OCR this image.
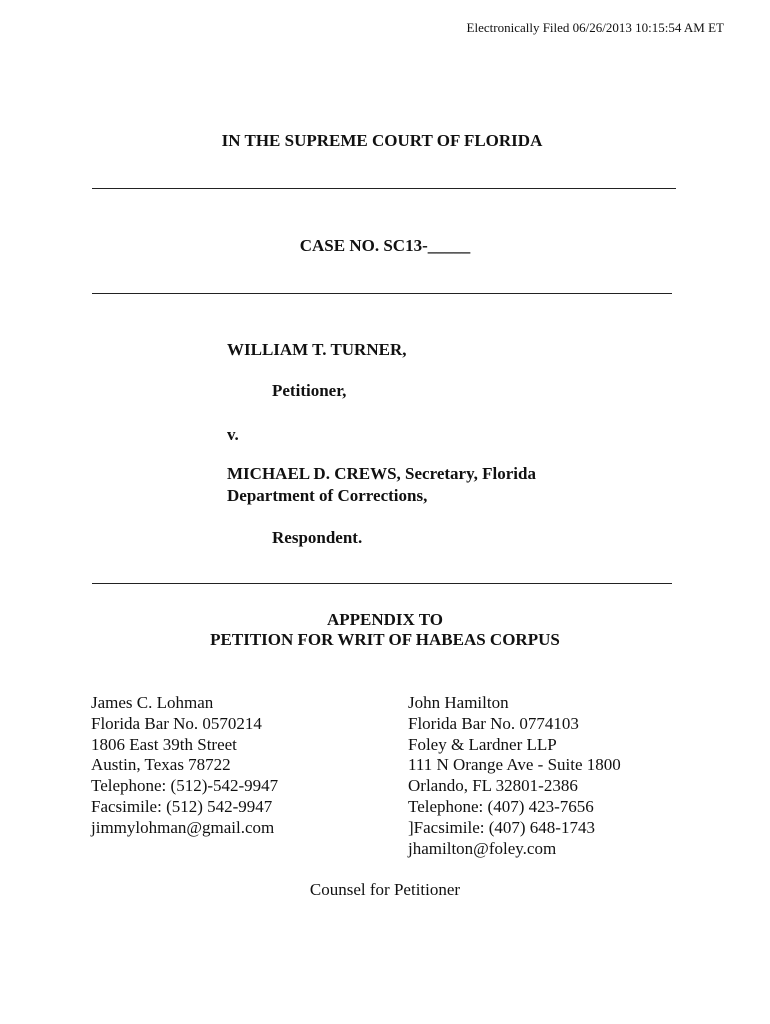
Electronically Filed 06/26/2013 10:15:54 AM ET
IN THE SUPREME COURT OF FLORIDA
CASE NO. SC13-_____
WILLIAM T. TURNER,
Petitioner,
v.
MICHAEL D. CREWS, Secretary, Florida
Department of Corrections,
Respondent.
APPENDIX TO
PETITION FOR WRIT OF HABEAS CORPUS
James C. Lohman
Florida Bar No. 0570214
1806 East 39th Street
Austin, Texas 78722
Telephone: (512)-542-9947
Facsimile: (512) 542-9947
jimmylohman@gmail.com
John Hamilton
Florida Bar No. 0774103
Foley & Lardner LLP
111 N Orange Ave - Suite 1800
Orlando, FL 32801-2386
Telephone: (407) 423-7656
]Facsimile: (407) 648-1743
jhamilton@foley.com
Counsel for Petitioner
